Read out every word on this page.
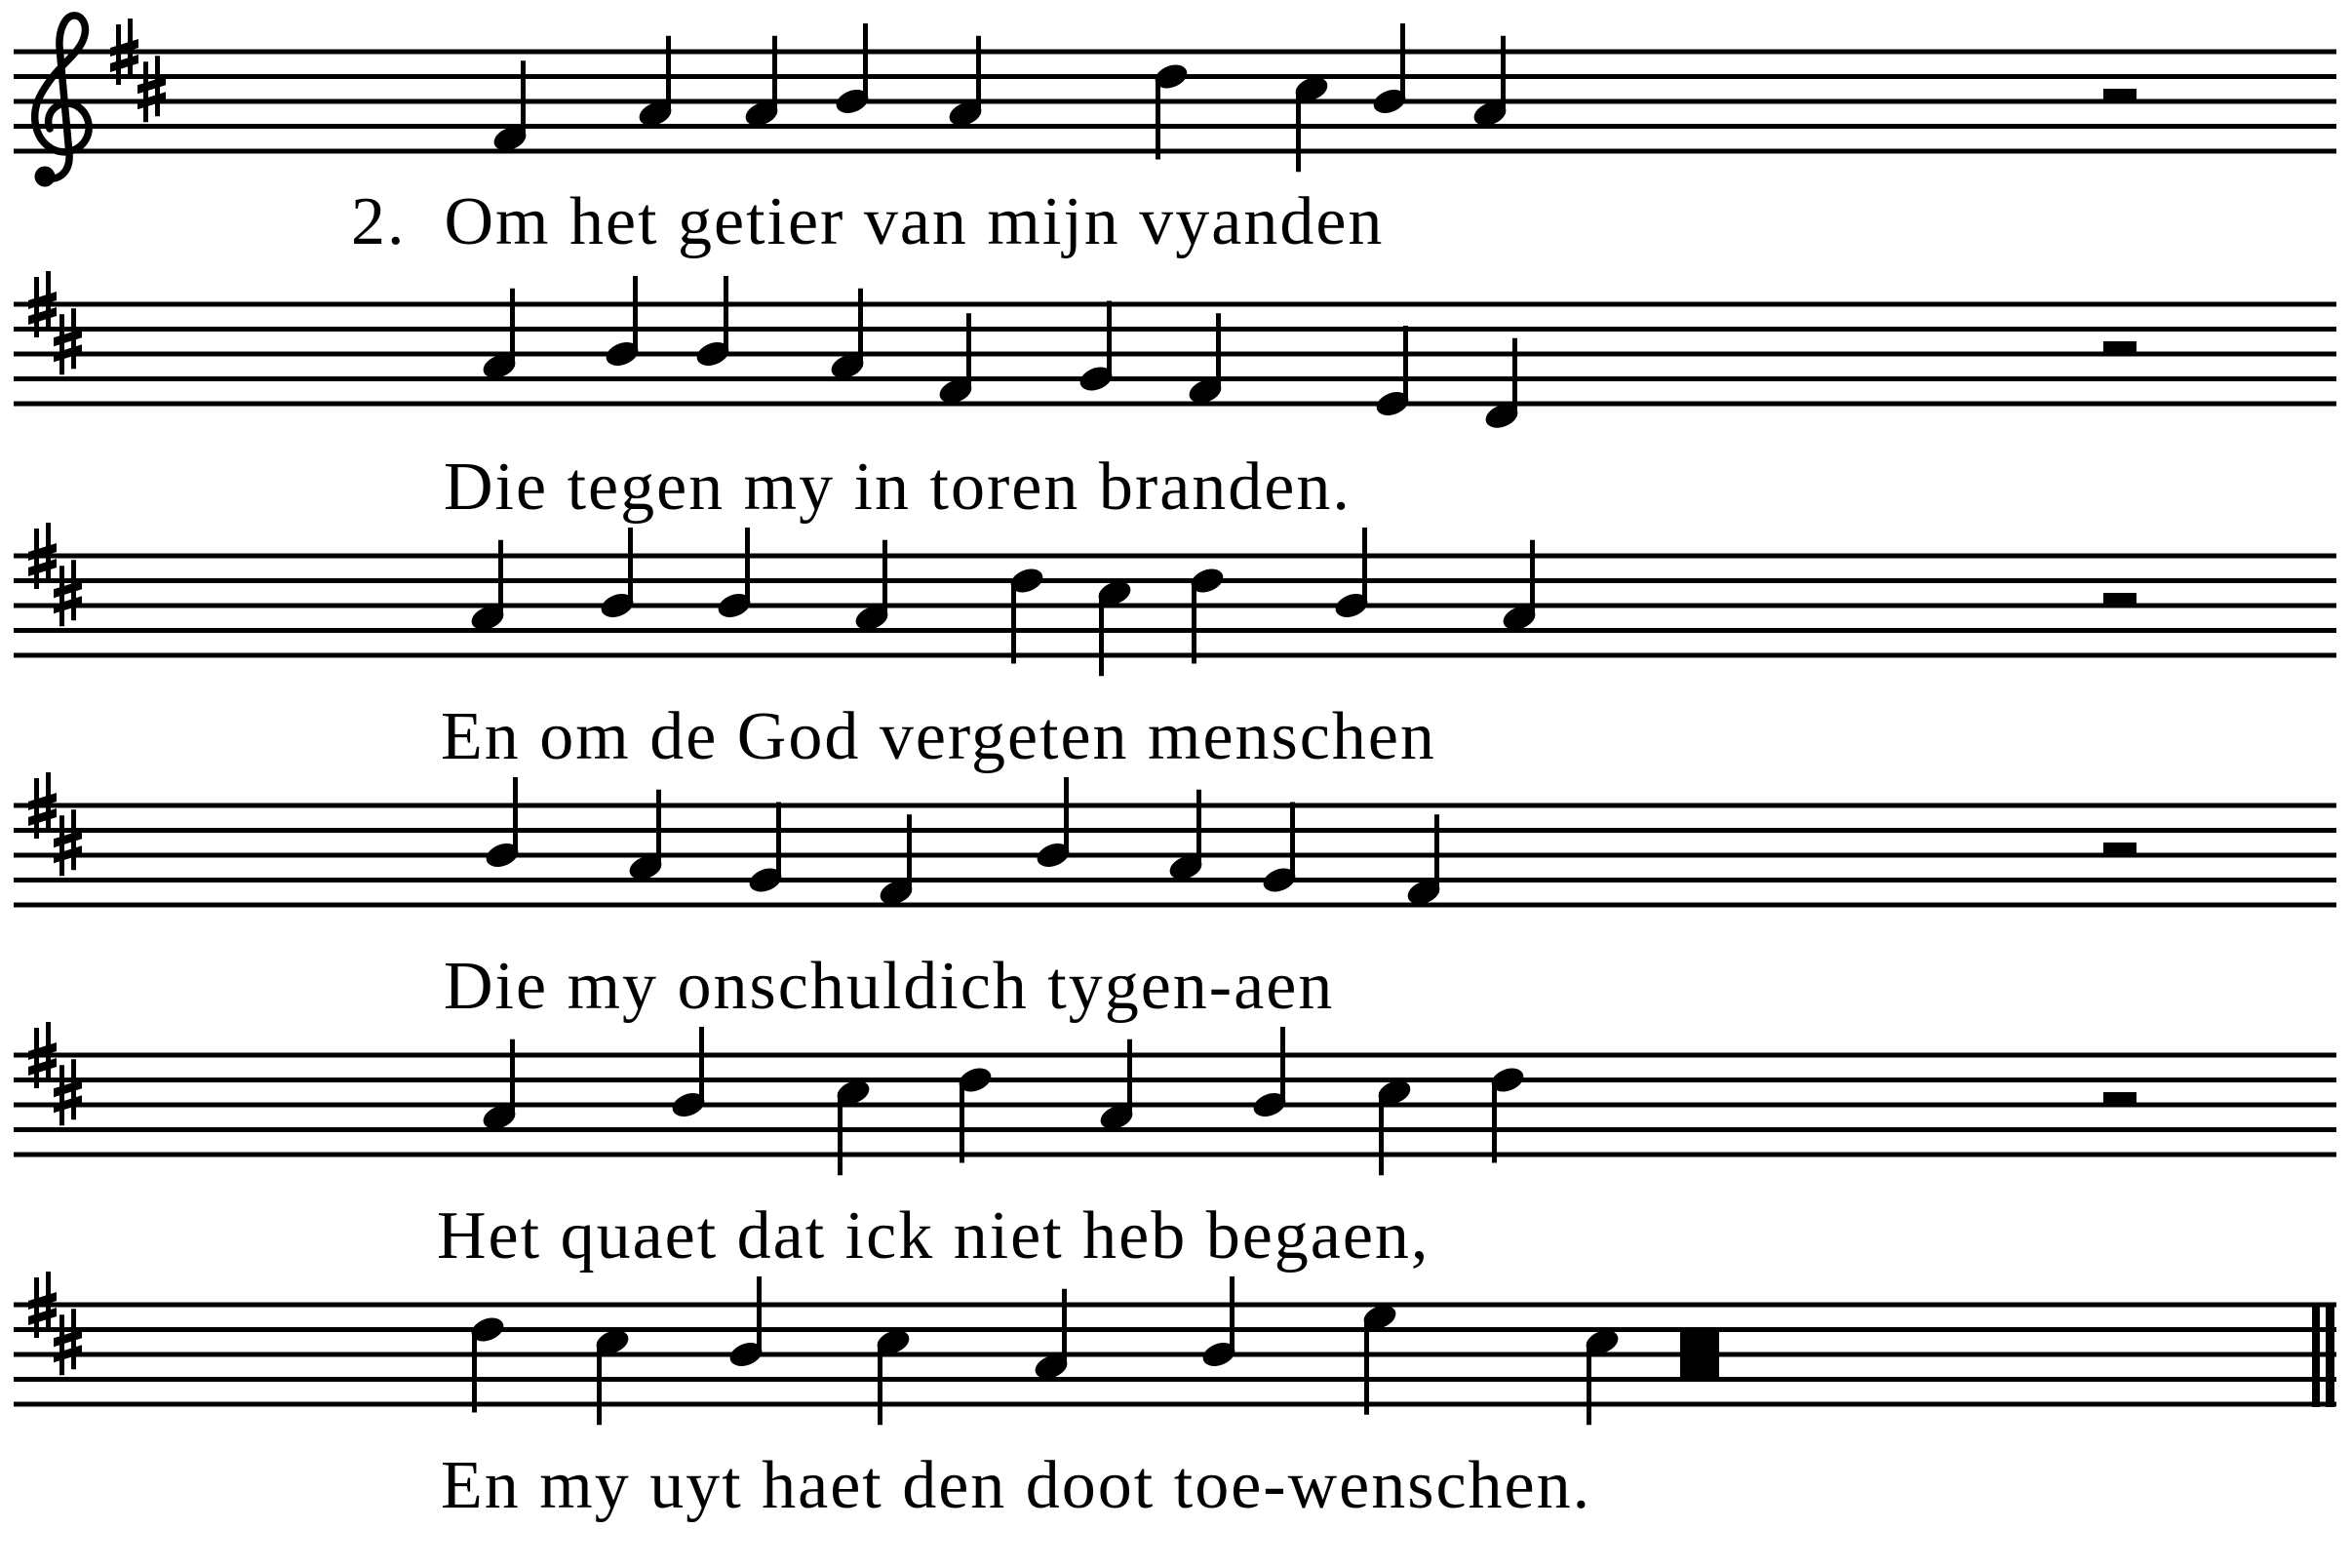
2.  Om het getier van mijn vyanden
Die tegen my in toren branden.
En om de God vergeten menschen
Die my onschuldich tygen-aen
Het quaet dat ick niet heb begaen,
En my uyt haet den doot toe-wenschen.
